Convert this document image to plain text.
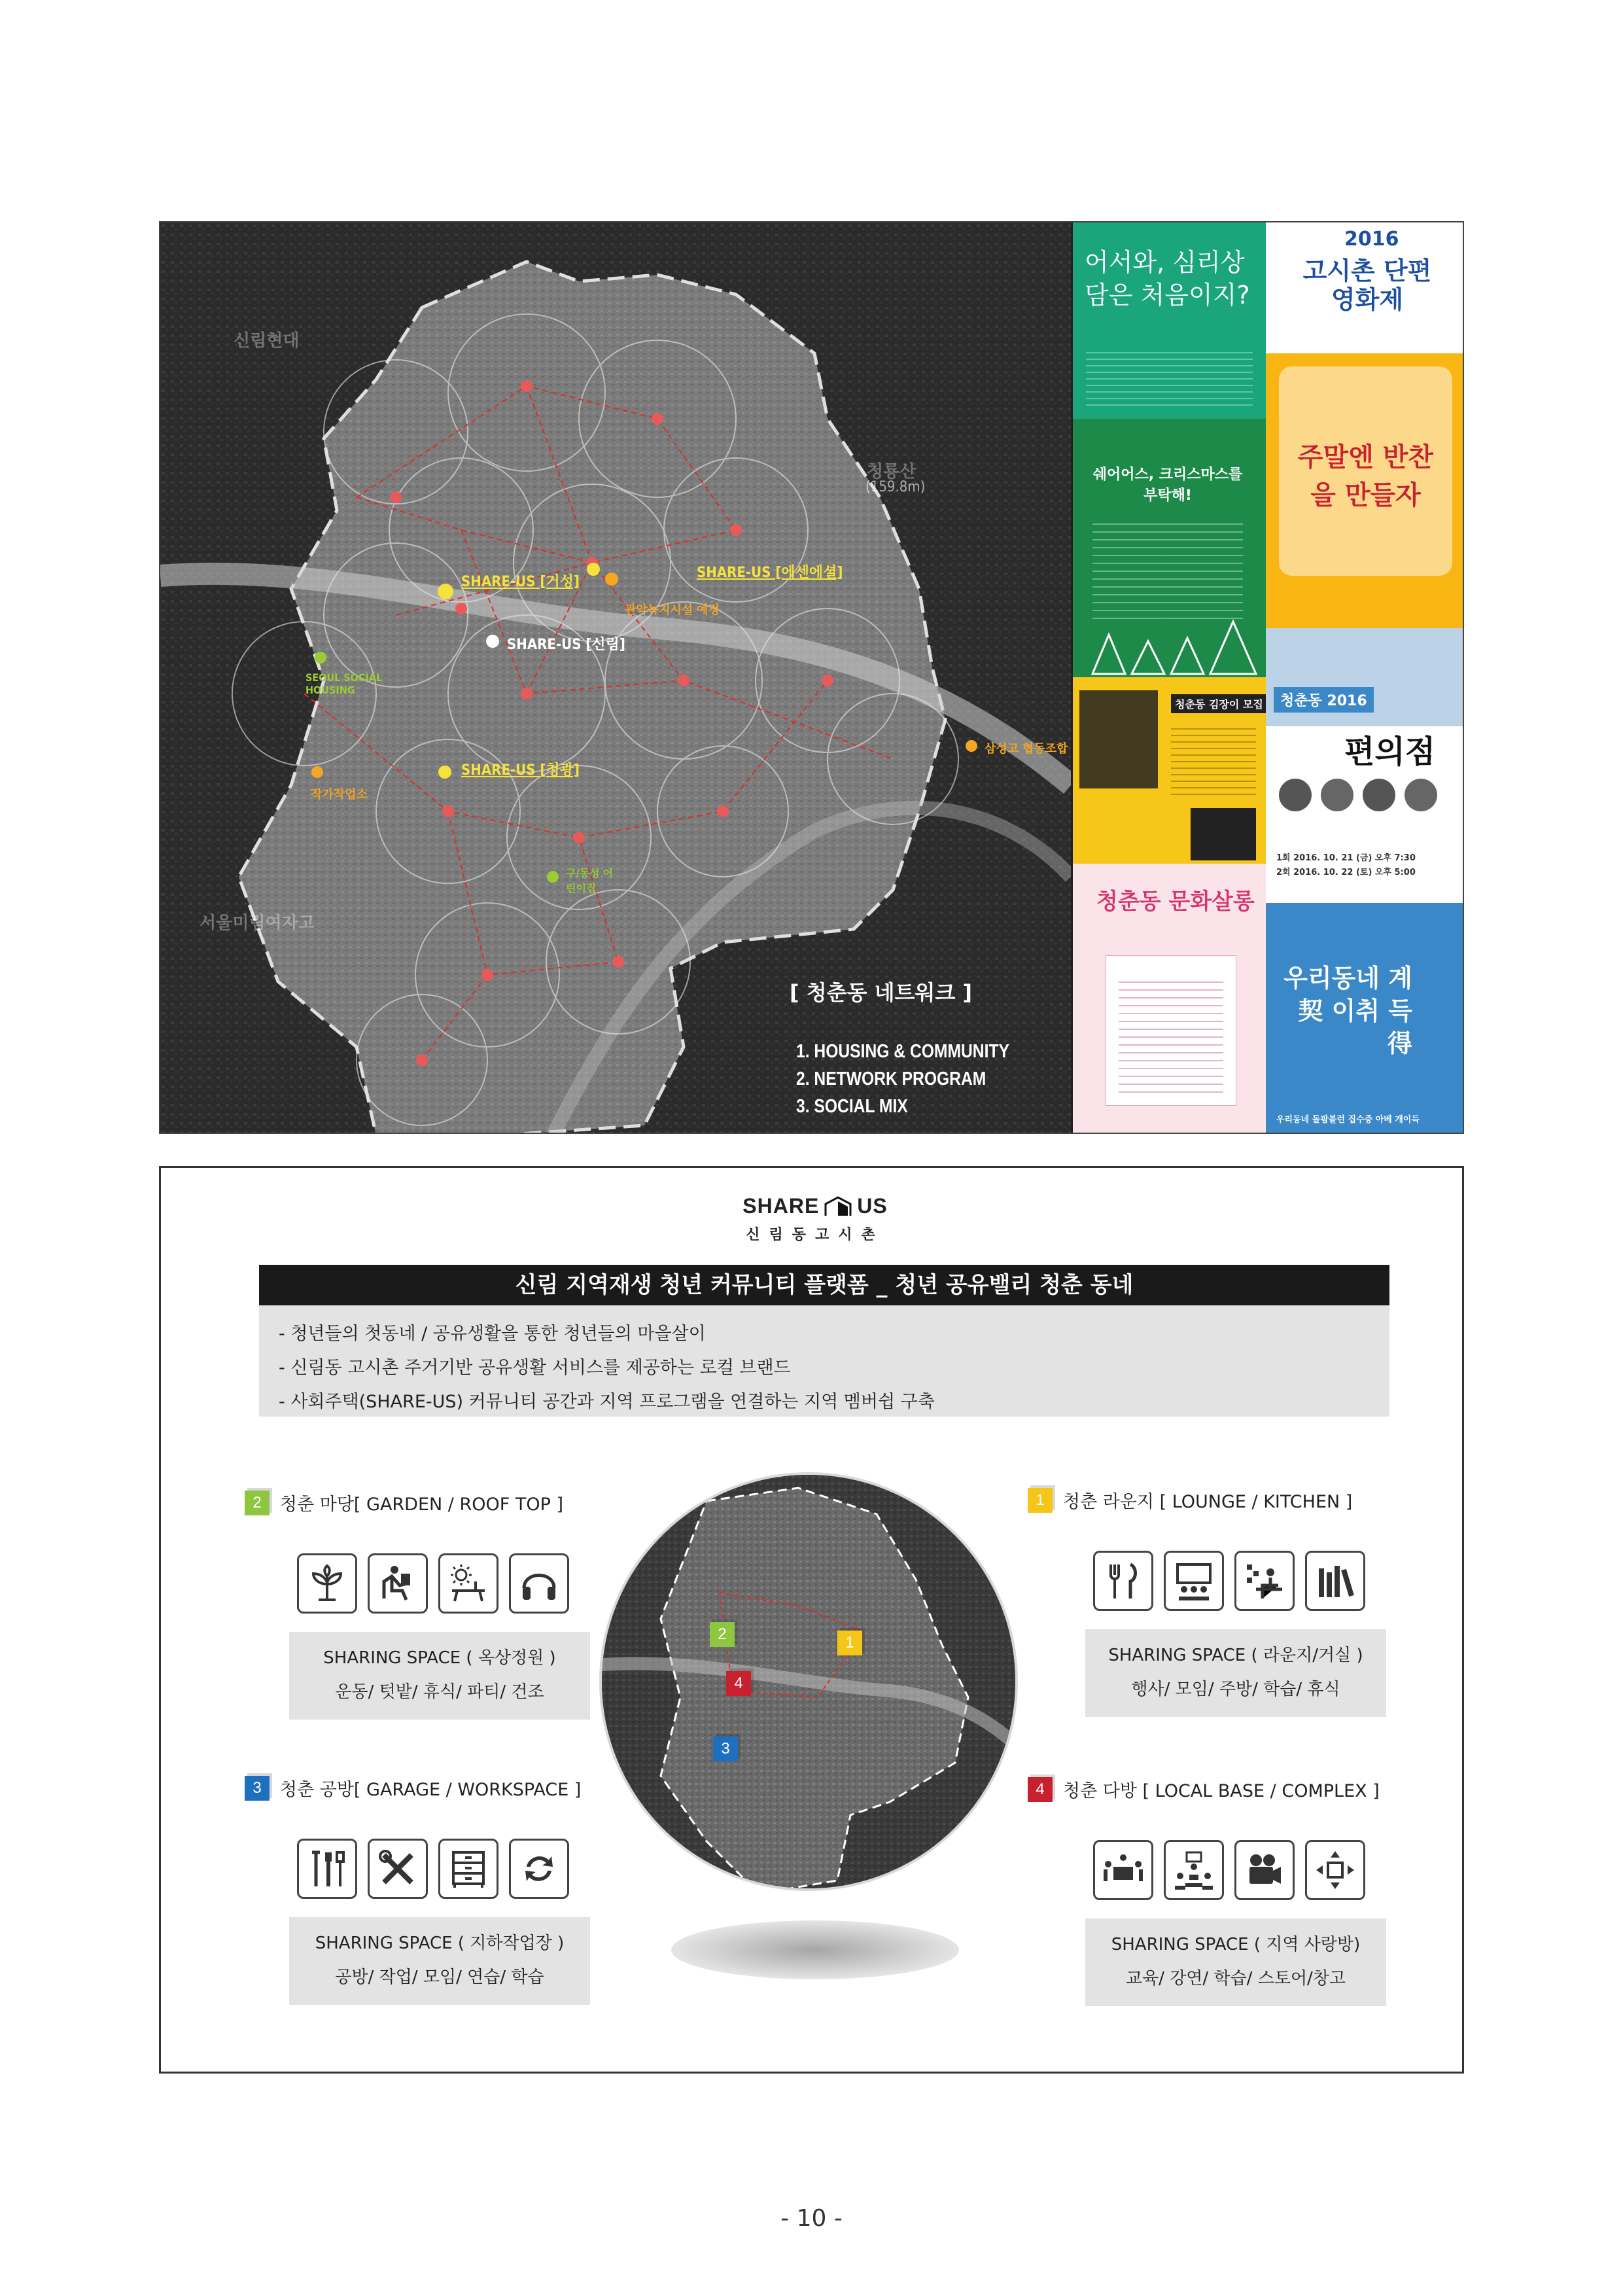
신림현대
청룡산
(159.8m)
서울미림여자고
SHARE-US [거성]
SHARE-US [에센에셜]
SHARE-US [신림]
SHARE-US [청광]
관악녹지시설 예정
삼성고 협동조합
작가작업소
구/동성 어린이집
SEOUL SOCIAL HOUSING
[ 청춘동 네트워크 ]
1. HOUSING & COMMUNITY
2. NETWORK PROGRAM
3. SOCIAL MIX
어서와, 심리상담은 처음이지?
쉐어어스, 크리스마스를 부탁해!
청춘동 김장이 모집
청춘동 문화살롱
2016
고시촌 단편영화제
주말엔 반찬을 만들자
청춘동 2016
편의점
1회 2016. 10. 21 (금) 오후 7:30
2회 2016. 10. 22 (토) 오후 5:00
우리동네 계契 이취 득得
우리동네 돌팜볼런 집수증 아베 개이득
SHARE US
신림동고시촌
신림 지역재생 청년 커뮤니티 플랫폼 _ 청년 공유밸리 청춘 동네
- 청년들의 첫동네 / 공유생활을 통한 청년들의 마을살이
- 신림동 고시촌 주거기반 공유생활 서비스를 제공하는 로컬 브랜드
- 사회주택(SHARE-US) 커뮤니티 공간과 지역 프로그램을 연결하는 지역 멤버쉽 구축
2	1
4
3
2	청춘 마당[ GARDEN / ROOF TOP ]
SHARING SPACE ( 옥상정원 )
운동/ 텃밭/ 휴식/ 파티/ 건조
1	청춘 라운지 [ LOUNGE / KITCHEN ]
SHARING SPACE ( 라운지/거실 )
행사/ 모임/ 주방/ 학습/ 휴식
3	청춘 공방[ GARAGE / WORKSPACE ]
SHARING SPACE ( 지하작업장 )
공방/ 작업/ 모임/ 연습/ 학습
4	청춘 다방 [ LOCAL BASE / COMPLEX ]
SHARING SPACE ( 지역 사랑방)
교육/ 강연/ 학습/ 스토어/창고
- 10 -
